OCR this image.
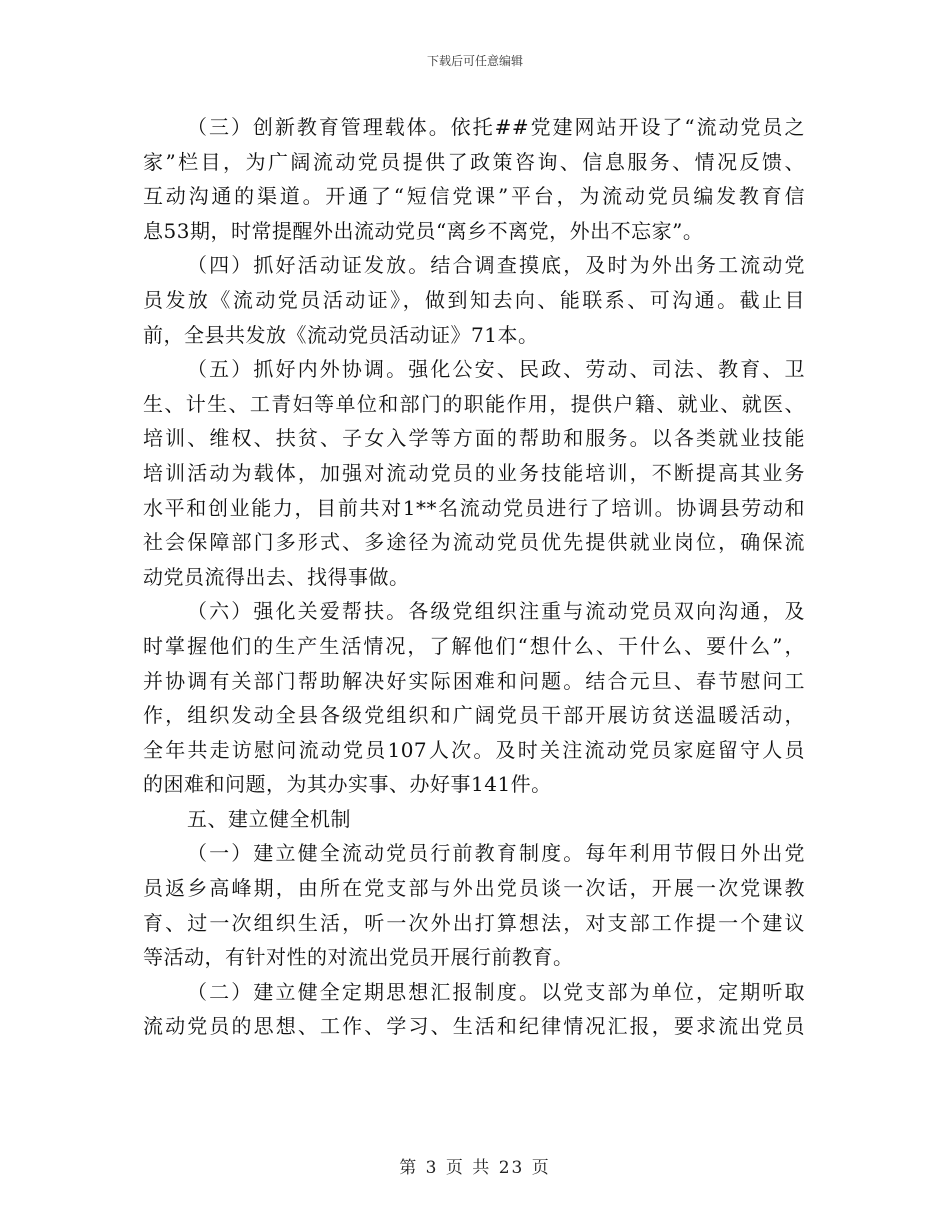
下载后可任意编辑
（三）创新教育管理载体。依托##党建网站开设了“流动党员之
家”栏目，为广阔流动党员提供了政策咨询、信息服务、情况反馈、
互动沟通的渠道。开通了“短信党课”平台，为流动党员编发教育信
息53期，时常提醒外出流动党员“离乡不离党，外出不忘家”。
（四）抓好活动证发放。结合调查摸底，及时为外出务工流动党
员发放《流动党员活动证》，做到知去向、能联系、可沟通。截止目
前，全县共发放《流动党员活动证》71本。
（五）抓好内外协调。强化公安、民政、劳动、司法、教育、卫
生、计生、工青妇等单位和部门的职能作用，提供户籍、就业、就医、
培训、维权、扶贫、子女入学等方面的帮助和服务。以各类就业技能
培训活动为载体，加强对流动党员的业务技能培训，不断提高其业务
水平和创业能力，目前共对1**名流动党员进行了培训。协调县劳动和
社会保障部门多形式、多途径为流动党员优先提供就业岗位，确保流
动党员流得出去、找得事做。
（六）强化关爱帮扶。各级党组织注重与流动党员双向沟通，及
时掌握他们的生产生活情况，了解他们“想什么、干什么、要什么”，
并协调有关部门帮助解决好实际困难和问题。结合元旦、春节慰问工
作，组织发动全县各级党组织和广阔党员干部开展访贫送温暖活动，
全年共走访慰问流动党员107人次。及时关注流动党员家庭留守人员
的困难和问题，为其办实事、办好事141件。
五、建立健全机制
（一）建立健全流动党员行前教育制度。每年利用节假日外出党
员返乡高峰期，由所在党支部与外出党员谈一次话，开展一次党课教
育、过一次组织生活，听一次外出打算想法，对支部工作提一个建议
等活动，有针对性的对流出党员开展行前教育。
（二）建立健全定期思想汇报制度。以党支部为单位，定期听取
流动党员的思想、工作、学习、生活和纪律情况汇报，要求流出党员
第 3 页 共 23 页
